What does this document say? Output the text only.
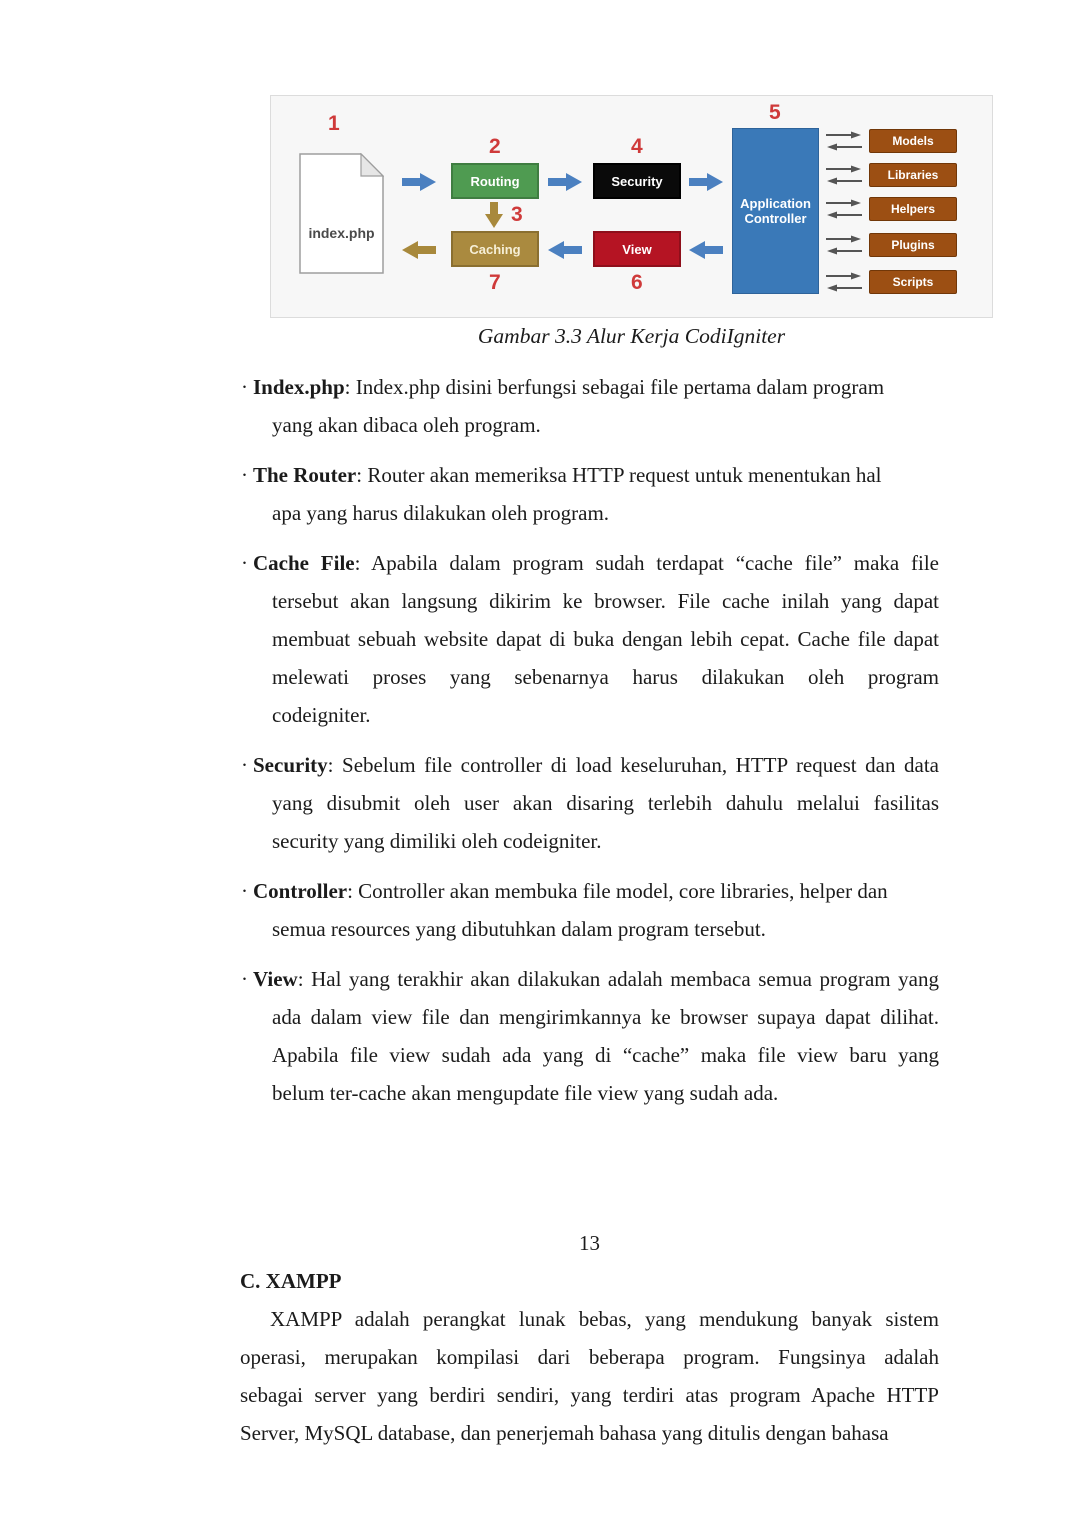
index.php
1
Routing
2
Caching
7
Security
4
View
6
Application Controller
5
3
Models
Libraries
Helpers
Plugins
Scripts
Gambar 3.3 Alur Kerja CodiIgniter
· Index.php: Index.php disini berfungsi sebagai file pertama dalam program
yang akan dibaca oleh program.
· The Router: Router akan memeriksa HTTP request untuk menentukan hal
apa yang harus dilakukan oleh program.
· Cache File: Apabila dalam program sudah terdapat “cache file” maka file
tersebut akan langsung dikirim ke browser. File cache inilah yang dapat
membuat sebuah website dapat di buka dengan lebih cepat. Cache file dapat
melewati proses yang sebenarnya harus dilakukan oleh program
codeigniter.
· Security: Sebelum file controller di load keseluruhan, HTTP request dan data
yang disubmit oleh user akan disaring terlebih dahulu melalui fasilitas
security yang dimiliki oleh codeigniter.
· Controller: Controller akan membuka file model, core libraries, helper dan
semua resources yang dibutuhkan dalam program tersebut.
· View: Hal yang terakhir akan dilakukan adalah membaca semua program yang
ada dalam view file dan mengirimkannya ke browser supaya dapat dilihat.
Apabila file view sudah ada yang di “cache” maka file view baru yang
belum ter-cache akan mengupdate file view yang sudah ada.
13
C. XAMPP
XAMPP adalah perangkat lunak bebas, yang mendukung banyak sistem
operasi, merupakan kompilasi dari beberapa program. Fungsinya adalah
sebagai server yang berdiri sendiri, yang terdiri atas program Apache HTTP
Server, MySQL database, dan penerjemah bahasa yang ditulis dengan bahasa
